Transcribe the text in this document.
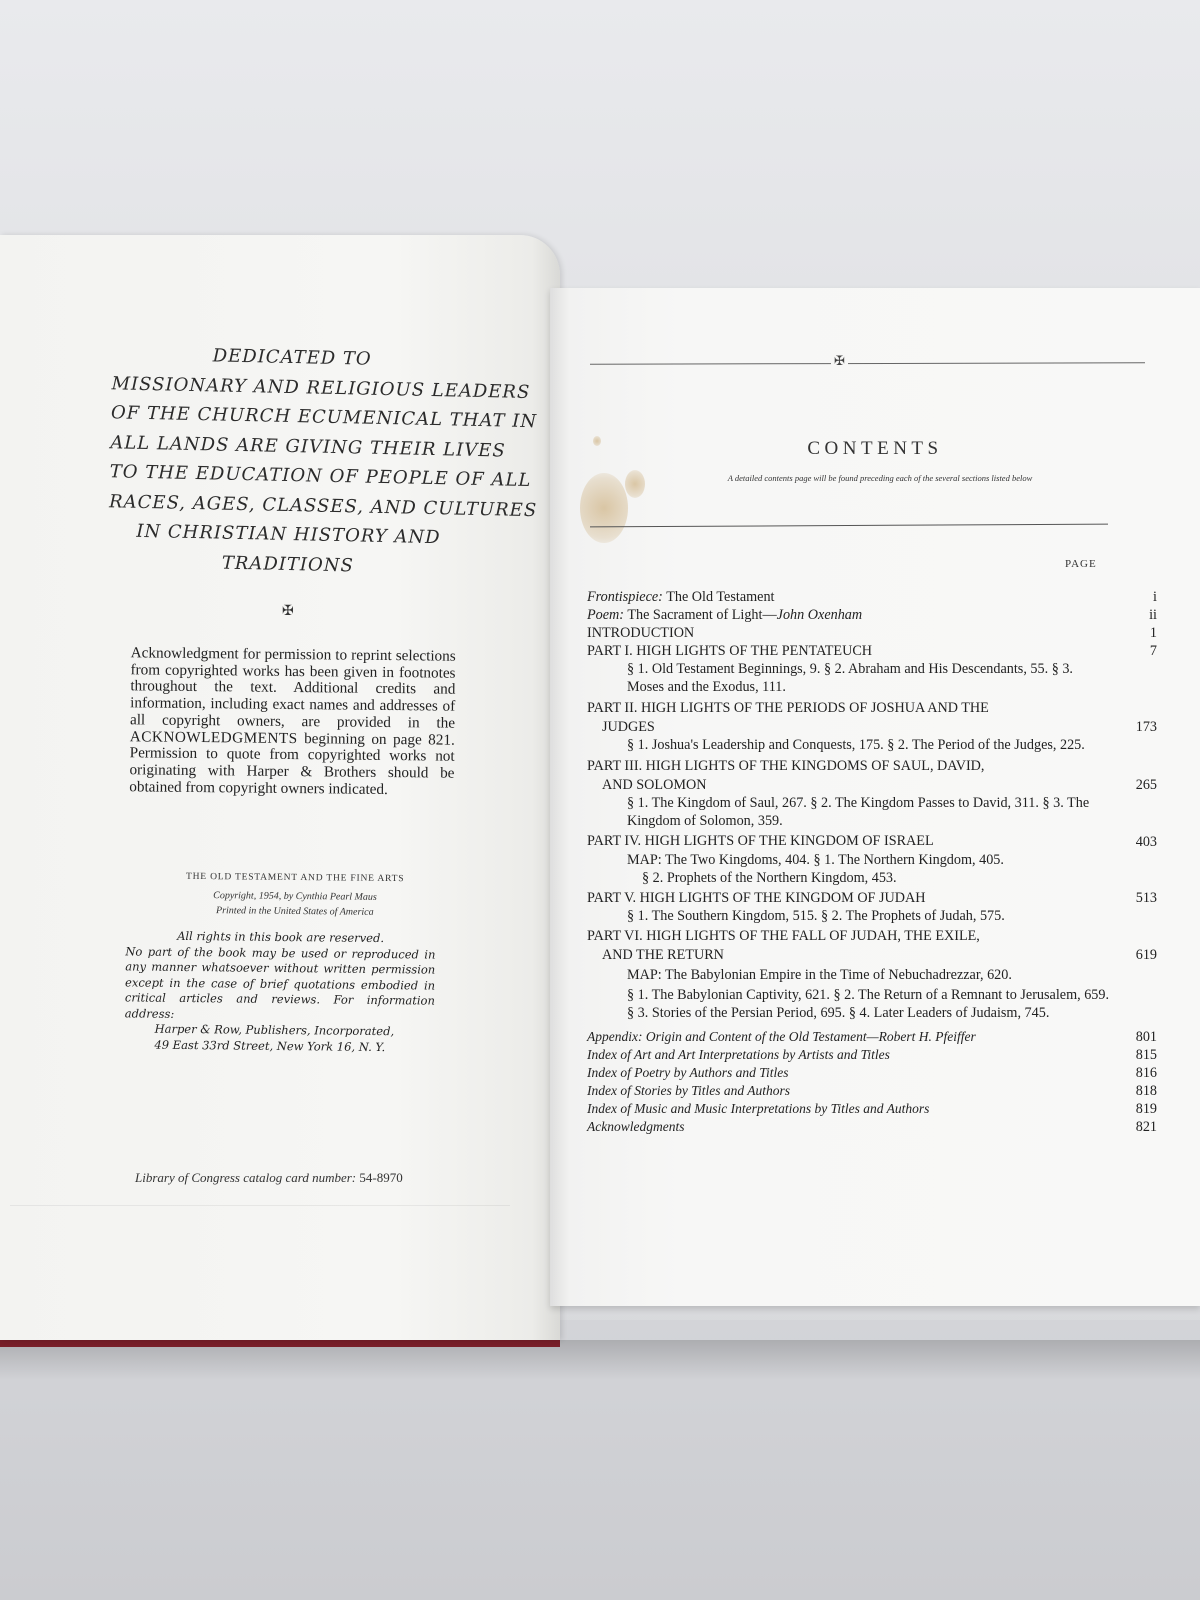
DEDICATED TO
MISSIONARY AND RELIGIOUS LEADERS
OF THE CHURCH ECUMENICAL THAT IN
ALL LANDS ARE GIVING THEIR LIVES
TO THE EDUCATION OF PEOPLE OF ALL
RACES, AGES, CLASSES, AND CULTURES
IN CHRISTIAN HISTORY AND
TRADITIONS
✠
Acknowledgment for permission to reprint selections from copyrighted works has been given in footnotes throughout the text. Additional credits and information, including exact names and addresses of all copyright owners, are provided in the ACKNOWLEDGMENTS beginning on page 821. Permission to quote from copyrighted works not originating with Harper & Brothers should be obtained from copyright owners indicated.
THE OLD TESTAMENT AND THE FINE ARTS
Copyright, 1954, by Cynthia Pearl Maus
Printed in the United States of America
All rights in this book are reserved.
No part of the book may be used or reproduced in any manner whatsoever without written permission except in the case of brief quotations embodied in critical articles and reviews. For information address:
Harper & Row, Publishers, Incorporated,
49 East 33rd Street, New York 16, N. Y.
Library of Congress catalog card number: 54-8970
✠
CONTENTS
A detailed contents page will be found preceding each of the several sections listed below
PAGE
Frontispiece: The Old Testament	i
Poem: The Sacrament of Light—John Oxenham	ii
INTRODUCTION	1
PART I. HIGH LIGHTS OF THE PENTATEUCH	7
§ 1. Old Testament Beginnings, 9. § 2. Abraham and His Descendants, 55. § 3. Moses and the Exodus, 111.
PART II. HIGH LIGHTS OF THE PERIODS OF JOSHUA AND THE
JUDGES	173
§ 1. Joshua's Leadership and Conquests, 175. § 2. The Period of the Judges, 225.
PART III. HIGH LIGHTS OF THE KINGDOMS OF SAUL, DAVID,
AND SOLOMON	265
§ 1. The Kingdom of Saul, 267. § 2. The Kingdom Passes to David, 311. § 3. The Kingdom of Solomon, 359.
PART IV. HIGH LIGHTS OF THE KINGDOM OF ISRAEL	403
MAP: The Two Kingdoms, 404. § 1. The Northern Kingdom, 405.
§ 2. Prophets of the Northern Kingdom, 453.
PART V. HIGH LIGHTS OF THE KINGDOM OF JUDAH	513
§ 1. The Southern Kingdom, 515. § 2. The Prophets of Judah, 575.
PART VI. HIGH LIGHTS OF THE FALL OF JUDAH, THE EXILE,
AND THE RETURN	619
MAP: The Babylonian Empire in the Time of Nebuchadrezzar, 620.
§ 1. The Babylonian Captivity, 621. § 2. The Return of a Remnant to Jerusalem, 659. § 3. Stories of the Persian Period, 695. § 4. Later Leaders of Judaism, 745.
Appendix: Origin and Content of the Old Testament—Robert H. Pfeiffer	801
Index of Art and Art Interpretations by Artists and Titles	815
Index of Poetry by Authors and Titles	816
Index of Stories by Titles and Authors	818
Index of Music and Music Interpretations by Titles and Authors	819
Acknowledgments	821
